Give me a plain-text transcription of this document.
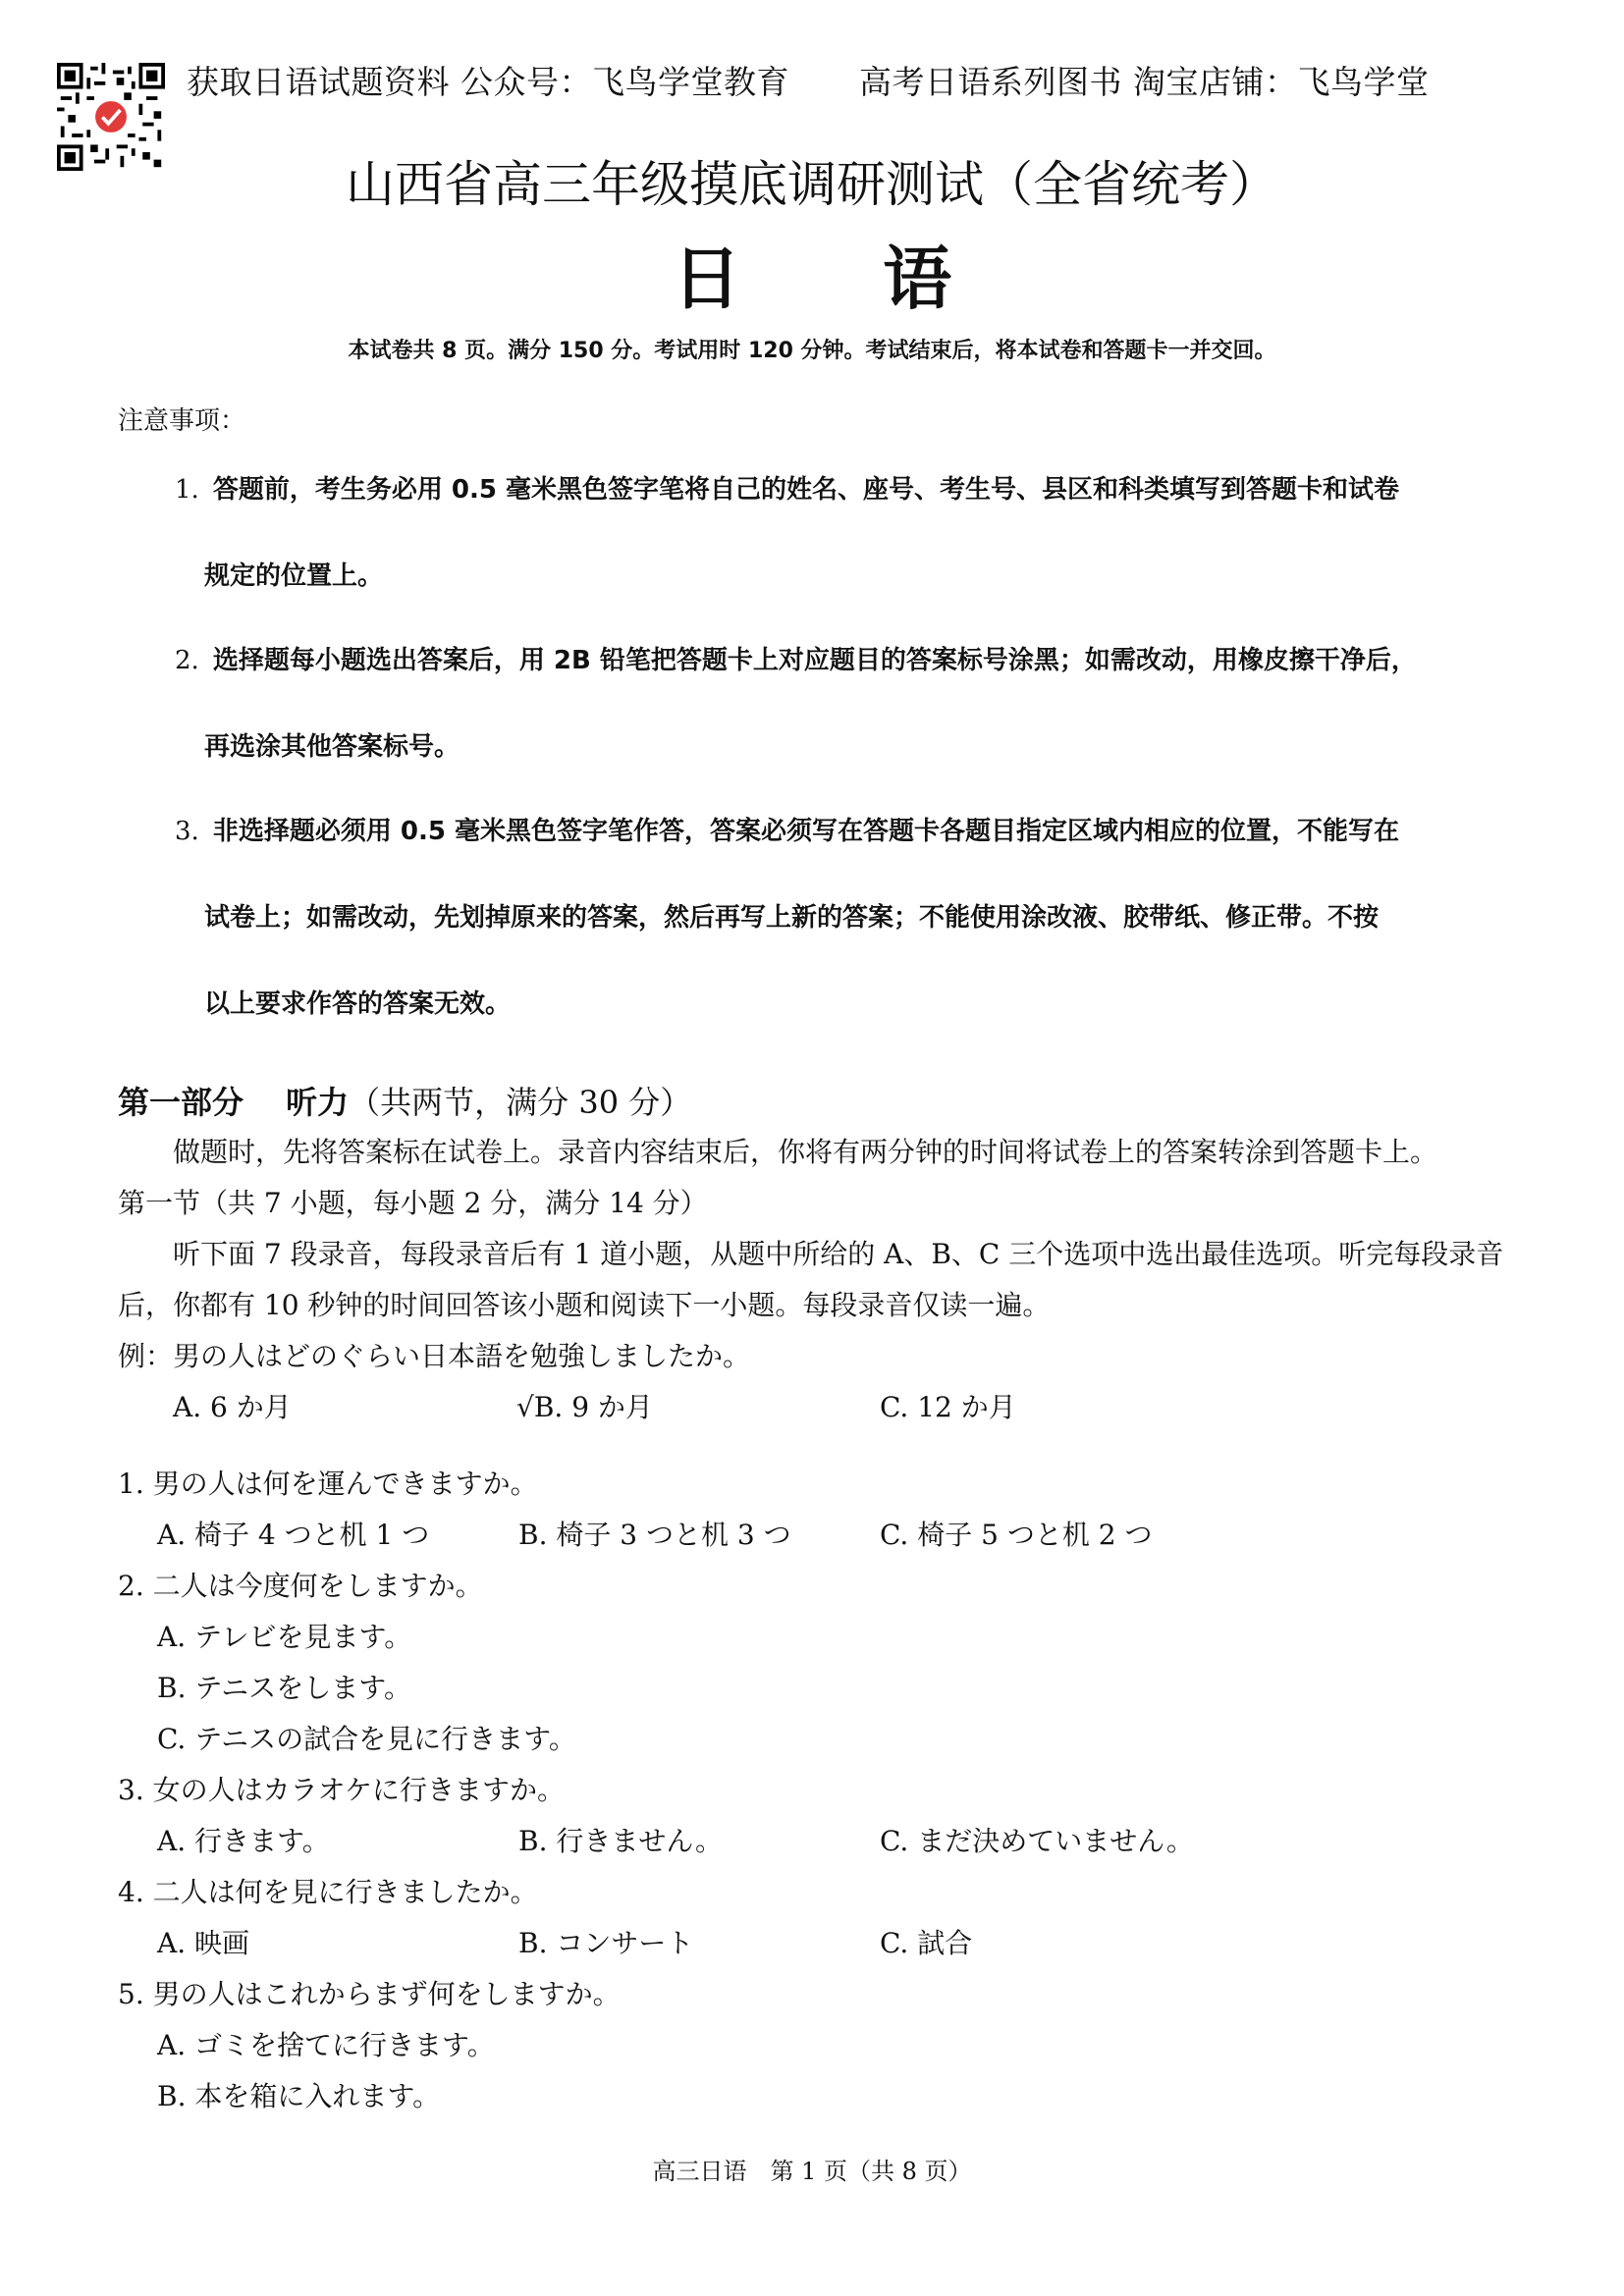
获取日语试题资料 公众号：飞鸟学堂教育 高考日语系列图书 淘宝店铺：飞鸟学堂
山西省高三年级摸底调研测试（全省统考）
日 语
本试卷共 8 页。满分 150 分。考试用时 120 分钟。考试结束后，将本试卷和答题卡一并交回。
注意事项：
1. 答题前，考生务必用 0.5 毫米黑色签字笔将自己的姓名、座号、考生号、县区和科类填写到答题卡和试卷
规定的位置上。
2. 选择题每小题选出答案后，用 2B 铅笔把答题卡上对应题目的答案标号涂黑；如需改动，用橡皮擦干净后，
再选涂其他答案标号。
3. 非选择题必须用 0.5 毫米黑色签字笔作答，答案必须写在答题卡各题目指定区域内相应的位置，不能写在
试卷上；如需改动，先划掉原来的答案，然后再写上新的答案；不能使用涂改液、胶带纸、修正带。不按
以上要求作答的答案无效。
第一部分　 听力（共两节，满分 30 分）
做题时，先将答案标在试卷上。录音内容结束后，你将有两分钟的时间将试卷上的答案转涂到答题卡上。
第一节（共 7 小题，每小题 2 分，满分 14 分）
听下面 7 段录音，每段录音后有 1 道小题，从题中所给的 A、B、C 三个选项中选出最佳选项。听完每段录音
后，你都有 10 秒钟的时间回答该小题和阅读下一小题。每段录音仅读一遍。
例：男の人はどのぐらい日本語を勉強しましたか。
A. 6 か月	√B. 9 か月	C. 12 か月
1. 男の人は何を運んできますか。
A. 椅子 4 つと机 1 つ	B. 椅子 3 つと机 3 つ	C. 椅子 5 つと机 2 つ
2. 二人は今度何をしますか。
A. テレビを見ます。
B. テニスをします。
C. テニスの試合を見に行きます。
3. 女の人はカラオケに行きますか。
A. 行きます。	B. 行きません。	C. まだ決めていません。
4. 二人は何を見に行きましたか。
A. 映画	B. コンサート	C. 試合
5. 男の人はこれからまず何をしますか。
A. ゴミを捨てに行きます。
B. 本を箱に入れます。
高三日语　第 1 页（共 8 页）
